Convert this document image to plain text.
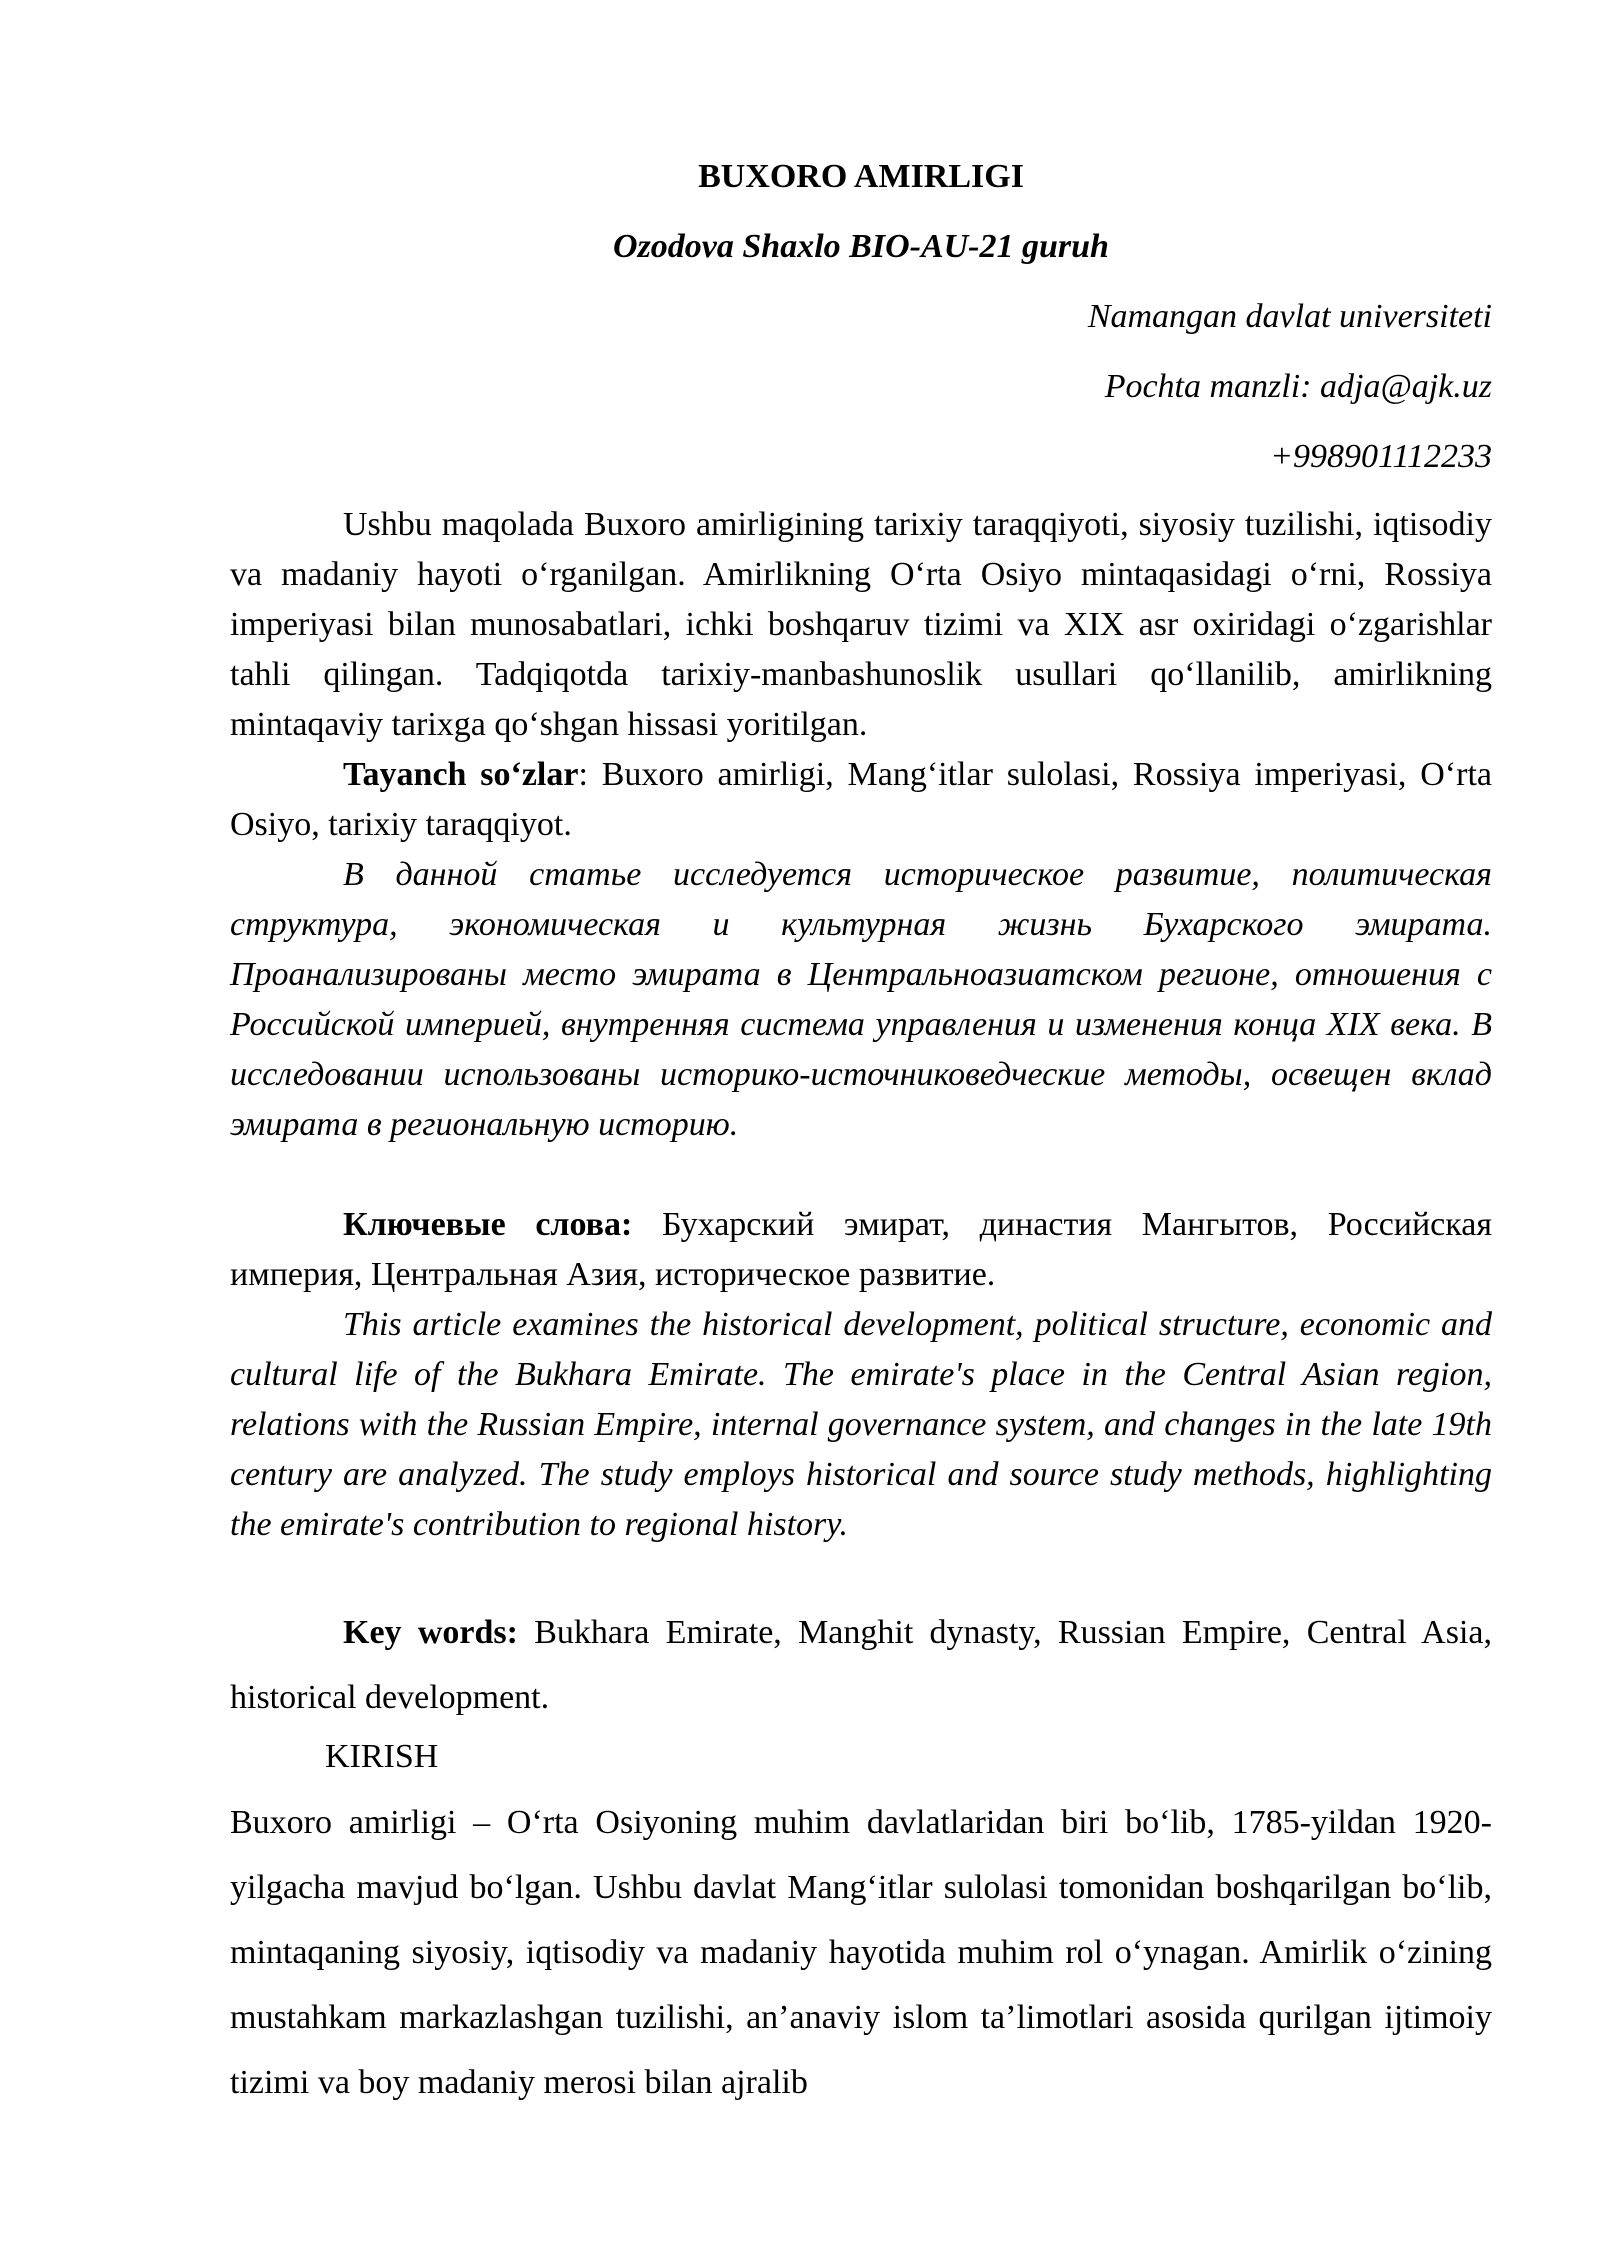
BUXORO AMIRLIGI
Ozodova Shaxlo BIO-AU-21 guruh
Namangan davlat universiteti
Pochta manzli: adja@ajk.uz
+998901112233

Ushbu maqolada Buxoro amirligining tarixiy taraqqiyoti, siyosiy tuzilishi, iqtisodiy va madaniy hayoti o‘rganilgan. Amirlikning O‘rta Osiyo mintaqasidagi o‘rni, Rossiya imperiyasi bilan munosabatlari, ichki boshqaruv tizimi va XIX asr oxiridagi o‘zgarishlar tahli qilingan. Tadqiqotda tarixiy-manbashunoslik usullari qo‘llanilib, amirlikning mintaqaviy tarixga qo‘shgan hissasi yoritilgan.

Tayanch so‘zlar: Buxoro amirligi, Mang‘itlar sulolasi, Rossiya imperiyasi, O‘rta Osiyo, tarixiy taraqqiyot.

В данной статье исследуется историческое развитие, политическая структура, экономическая и культурная жизнь Бухарского эмирата. Проанализированы место эмирата в Центральноазиатском регионе, отношения с Российской империей, внутренняя система управления и изменения конца XIX века. В исследовании использованы историко-источниковедческие методы, освещен вклад эмирата в региональную историю.

Ключевые слова: Бухарский эмират, династия Мангытов, Российская империя, Центральная Азия, историческое развитие.

This article examines the historical development, political structure, economic and cultural life of the Bukhara Emirate. The emirate's place in the Central Asian region, relations with the Russian Empire, internal governance system, and changes in the late 19th century are analyzed. The study employs historical and source study methods, highlighting the emirate's contribution to regional history.

Key words: Bukhara Emirate, Manghit dynasty, Russian Empire, Central Asia, historical development.

KIRISH

Buxoro amirligi – O‘rta Osiyoning muhim davlatlaridan biri bo‘lib, 1785-yildan 1920-yilgacha mavjud bo‘lgan. Ushbu davlat Mang‘itlar sulolasi tomonidan boshqarilgan bo‘lib, mintaqaning siyosiy, iqtisodiy va madaniy hayotida muhim rol o‘ynagan. Amirlik o‘zining mustahkam markazlashgan tuzilishi, an’anaviy islom ta’limotlari asosida qurilgan ijtimoiy tizimi va boy madaniy merosi bilan ajralib
